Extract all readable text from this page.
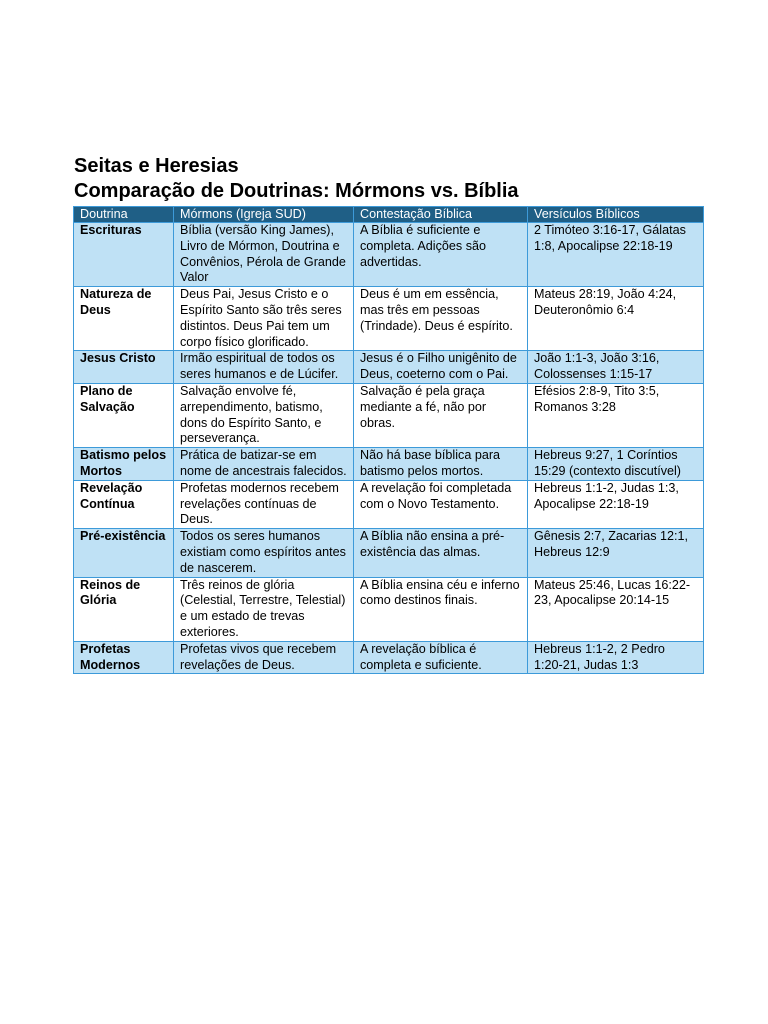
Seitas e Heresias
Comparação de Doutrinas: Mórmons vs. Bíblia
Doutrina	Mórmons (Igreja SUD)	Contestação Bíblica	Versículos Bíblicos
Escrituras	Bíblia (versão King James), Livro de Mórmon, Doutrina e Convênios, Pérola de Grande Valor	A Bíblia é suficiente e completa. Adições são advertidas.	2 Timóteo 3:16-17, Gálatas 1:8, Apocalipse 22:18-19
Natureza de Deus	Deus Pai, Jesus Cristo e o Espírito Santo são três seres distintos. Deus Pai tem um corpo físico glorificado.	Deus é um em essência, mas três em pessoas (Trindade). Deus é espírito.	Mateus 28:19, João 4:24, Deuteronômio 6:4
Jesus Cristo	Irmão espiritual de todos os seres humanos e de Lúcifer.	Jesus é o Filho unigênito de Deus, coeterno com o Pai.	João 1:1-3, João 3:16, Colossenses 1:15-17
Plano de Salvação	Salvação envolve fé, arrependimento, batismo, dons do Espírito Santo, e perseverança.	Salvação é pela graça mediante a fé, não por obras.	Efésios 2:8-9, Tito 3:5, Romanos 3:28
Batismo pelos Mortos	Prática de batizar-se em nome de ancestrais falecidos.	Não há base bíblica para batismo pelos mortos.	Hebreus 9:27, 1 Coríntios 15:29 (contexto discutível)
Revelação Contínua	Profetas modernos recebem revelações contínuas de Deus.	A revelação foi completada com o Novo Testamento.	Hebreus 1:1-2, Judas 1:3, Apocalipse 22:18-19
Pré-existência	Todos os seres humanos existiam como espíritos antes de nascerem.	A Bíblia não ensina a pré-existência das almas.	Gênesis 2:7, Zacarias 12:1, Hebreus 12:9
Reinos de Glória	Três reinos de glória (Celestial, Terrestre, Telestial) e um estado de trevas exteriores.	A Bíblia ensina céu e inferno como destinos finais.	Mateus 25:46, Lucas 16:22-23, Apocalipse 20:14-15
Profetas Modernos	Profetas vivos que recebem revelações de Deus.	A revelação bíblica é completa e suficiente.	Hebreus 1:1-2, 2 Pedro 1:20-21, Judas 1:3
